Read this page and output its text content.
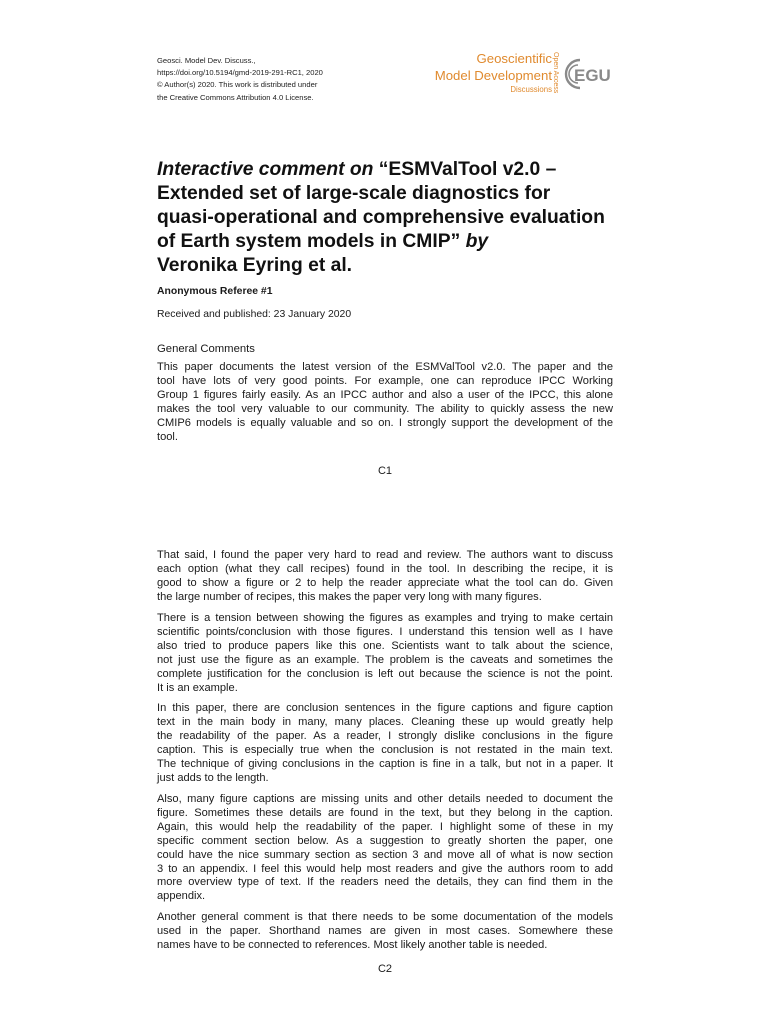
Geosci. Model Dev. Discuss.,
https://doi.org/10.5194/gmd-2019-291-RC1, 2020
© Author(s) 2020. This work is distributed under
the Creative Commons Attribution 4.0 License.
Geoscientific
Model Development
Discussions Open Access EGU
Interactive comment on “ESMValTool v2.0 –
Extended set of large-scale diagnostics for
quasi-operational and comprehensive evaluation
of Earth system models in CMIP” by
Veronika Eyring et al.
Anonymous Referee #1
Received and published: 23 January 2020
General Comments
This paper documents the latest version of the ESMValTool v2.0. The paper and the
tool have lots of very good points. For example, one can reproduce IPCC Working
Group 1 figures fairly easily. As an IPCC author and also a user of the IPCC, this alone
makes the tool very valuable to our community. The ability to quickly assess the new
CMIP6 models is equally valuable and so on. I strongly support the development of the
tool.
C1
That said, I found the paper very hard to read and review. The authors want to discuss
each option (what they call recipes) found in the tool. In describing the recipe, it is
good to show a figure or 2 to help the reader appreciate what the tool can do. Given
the large number of recipes, this makes the paper very long with many figures.
There is a tension between showing the figures as examples and trying to make certain
scientific points/conclusion with those figures. I understand this tension well as I have
also tried to produce papers like this one. Scientists want to talk about the science,
not just use the figure as an example. The problem is the caveats and sometimes the
complete justification for the conclusion is left out because the science is not the point.
It is an example.
In this paper, there are conclusion sentences in the figure captions and figure caption
text in the main body in many, many places. Cleaning these up would greatly help
the readability of the paper. As a reader, I strongly dislike conclusions in the figure
caption. This is especially true when the conclusion is not restated in the main text.
The technique of giving conclusions in the caption is fine in a talk, but not in a paper. It
just adds to the length.
Also, many figure captions are missing units and other details needed to document the
figure. Sometimes these details are found in the text, but they belong in the caption.
Again, this would help the readability of the paper. I highlight some of these in my
specific comment section below. As a suggestion to greatly shorten the paper, one
could have the nice summary section as section 3 and move all of what is now section
3 to an appendix. I feel this would help most readers and give the authors room to add
more overview type of text. If the readers need the details, they can find them in the
appendix.
Another general comment is that there needs to be some documentation of the models
used in the paper. Shorthand names are given in most cases. Somewhere these
names have to be connected to references. Most likely another table is needed.
C2
